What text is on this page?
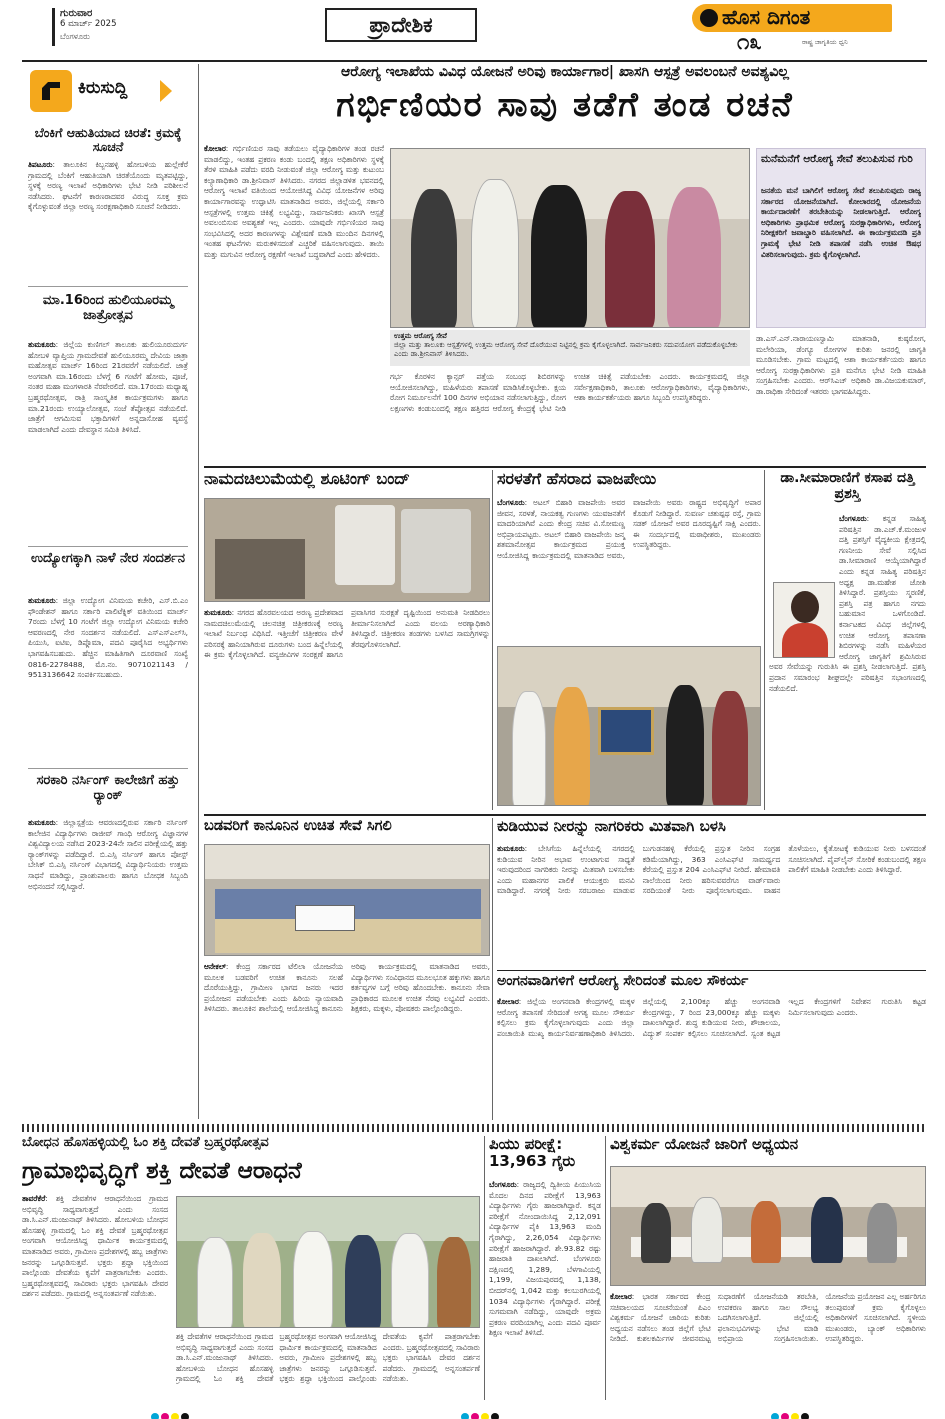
ಗುರುವಾರ
6 ಮಾರ್ಚ್ 2025
ಬೆಂಗಳೂರು	ಪ್ರಾದೇಶಿಕ	ಹೊಸ ದಿಗಂತ
೧೩	ರಾಷ್ಟ್ರ ಜಾಗೃತಿಯ ಧ್ವನಿ
ಕಿರುಸುದ್ದಿ
ಬೆಂಕಿಗೆ ಆಹುತಿಯಾದ ಚಿರತೆ: ಕ್ರಮಕ್ಕೆ ಸೂಚನೆ
ತಿಪಟೂರು: ತಾಲೂಕಿನ ಕಿಬ್ಬನಹಳ್ಳಿ ಹೋಬಳಿಯ ಹುಲ್ಲೇಕೆರೆ ಗ್ರಾಮದಲ್ಲಿ ಬೆಂಕಿಗೆ ಆಹುತಿಯಾಗಿ ಚಿರತೆಯೊಂದು ಮೃತಪಟ್ಟಿದ್ದು, ಸ್ಥಳಕ್ಕೆ ಅರಣ್ಯ ಇಲಾಖೆ ಅಧಿಕಾರಿಗಳು ಭೇಟಿ ನೀಡಿ ಪರಿಶೀಲನೆ ನಡೆಸಿದರು. ಘಟನೆಗೆ ಕಾರಣರಾದವರ ವಿರುದ್ಧ ಸೂಕ್ತ ಕ್ರಮ ಕೈಗೊಳ್ಳುವಂತೆ ಜಿಲ್ಲಾ ಅರಣ್ಯ ಸಂರಕ್ಷಣಾಧಿಕಾರಿ ಸೂಚನೆ ನೀಡಿದರು.
ಮಾ.16ರಿಂದ ಹುಲಿಯೂರಮ್ಮ ಜಾತ್ರೋತ್ಸವ
ತುಮಕೂರು: ಜಿಲ್ಲೆಯ ಕುಣಿಗಲ್ ತಾಲೂಕು ಹುಲಿಯೂರುದುರ್ಗ ಹೋಬಳಿ ವ್ಯಾಪ್ತಿಯ ಗ್ರಾಮದೇವತೆ ಹುಲಿಯೂರಮ್ಮ ದೇವಿಯ ಜಾತ್ರಾ ಮಹೋತ್ಸವ ಮಾರ್ಚ್ 16ರಿಂದ 21ರವರೆಗೆ ನಡೆಯಲಿದೆ. ಜಾತ್ರೆ ಅಂಗವಾಗಿ ಮಾ.16ರಂದು ಬೆಳಗ್ಗೆ 6 ಗಂಟೆಗೆ ಹೋಮ, ಪೂಜೆ, ನಂತರ ಮಹಾ ಮಂಗಳಾರತಿ ನೆರವೇರಲಿದೆ. ಮಾ.17ರಂದು ಮಧ್ಯಾಹ್ನ ಬ್ರಹ್ಮರಥೋತ್ಸವ, ರಾತ್ರಿ ಸಾಂಸ್ಕೃತಿಕ ಕಾರ್ಯಕ್ರಮಗಳು ಹಾಗೂ ಮಾ.21ರಂದು ಉಯ್ಯಾಲೋತ್ಸವ, ಸಂಜೆ ತೆಪ್ಪೋತ್ಸವ ನಡೆಯಲಿದೆ. ಜಾತ್ರೆಗೆ ಆಗಮಿಸುವ ಭಕ್ತಾದಿಗಳಿಗೆ ಅನ್ನದಾಸೋಹ ವ್ಯವಸ್ಥೆ ಮಾಡಲಾಗಿದೆ ಎಂದು ದೇವಸ್ಥಾನ ಸಮಿತಿ ತಿಳಿಸಿದೆ.
ಉದ್ಯೋಗಕ್ಕಾಗಿ ನಾಳೆ ನೇರ ಸಂದರ್ಶನ
ತುಮಕೂರು: ಜಿಲ್ಲಾ ಉದ್ಯೋಗ ವಿನಿಮಯ ಕಚೇರಿ, ಎಸ್.ಬಿ.ಎಂ ಫೌಂಡೇಶನ್ ಹಾಗೂ ಸರ್ಕಾರಿ ಪಾಲಿಟೆಕ್ನಿಕ್ ವತಿಯಿಂದ ಮಾರ್ಚ್ 7ರಂದು ಬೆಳಗ್ಗೆ 10 ಗಂಟೆಗೆ ಜಿಲ್ಲಾ ಉದ್ಯೋಗ ವಿನಿಮಯ ಕಚೇರಿ ಆವರಣದಲ್ಲಿ ನೇರ ಸಂದರ್ಶನ ನಡೆಯಲಿದೆ. ಎಸ್ಎಸ್ಎಲ್‌ಸಿ, ಪಿಯುಸಿ, ಐಟಿಐ, ಡಿಪ್ಲೊಮಾ, ಪದವಿ ಪೂರೈಸಿದ ಅಭ್ಯರ್ಥಿಗಳು ಭಾಗವಹಿಸಬಹುದು. ಹೆಚ್ಚಿನ ಮಾಹಿತಿಗಾಗಿ ದೂರವಾಣಿ ಸಂಖ್ಯೆ 0816-2278488, ಮೊ.ನಂ. 9071021143 / 9513136642 ಸಂಪರ್ಕಿಸಬಹುದು.
ಸರಕಾರಿ ನರ್ಸಿಂಗ್ ಕಾಲೇಜಿಗೆ ಹತ್ತು ರ್‍ಯಾಂಕ್
ತುಮಕೂರು: ಜಿಲ್ಲಾಸ್ಪತ್ರೆಯ ಆವರಣದಲ್ಲಿರುವ ಸರ್ಕಾರಿ ನರ್ಸಿಂಗ್ ಕಾಲೇಜಿನ ವಿದ್ಯಾರ್ಥಿಗಳು ರಾಜೀವ್ ಗಾಂಧಿ ಆರೋಗ್ಯ ವಿಜ್ಞಾನಗಳ ವಿಶ್ವವಿದ್ಯಾಲಯ ನಡೆಸಿದ 2023-24ನೇ ಸಾಲಿನ ಪರೀಕ್ಷೆಯಲ್ಲಿ ಹತ್ತು ರ್‍ಯಾಂಕ್‌ಗಳನ್ನು ಪಡೆದಿದ್ದಾರೆ. ಬಿ.ಎಸ್ಸಿ ನರ್ಸಿಂಗ್ ಹಾಗೂ ಪೋಸ್ಟ್ ಬೇಸಿಕ್ ಬಿ.ಎಸ್ಸಿ ನರ್ಸಿಂಗ್ ವಿಭಾಗದಲ್ಲಿ ವಿದ್ಯಾರ್ಥಿನಿಯರು ಉತ್ತಮ ಸಾಧನೆ ಮಾಡಿದ್ದು, ಪ್ರಾಂಶುಪಾಲರು ಹಾಗೂ ಬೋಧಕ ಸಿಬ್ಬಂದಿ ಅಭಿನಂದನೆ ಸಲ್ಲಿಸಿದ್ದಾರೆ.
ಆರೋಗ್ಯ ಇಲಾಖೆಯ ವಿವಿಧ ಯೋಜನೆ ಅರಿವು ಕಾರ್ಯಾಗಾರ| ಖಾಸಗಿ ಆಸ್ಪತ್ರೆ ಅವಲಂಬನೆ ಅವಶ್ಯವಿಲ್ಲ
ಗರ್ಭಿಣಿಯರ ಸಾವು ತಡೆಗೆ ತಂಡ ರಚನೆ
ಕೋಲಾರ: ಗರ್ಭಿಣಿಯರ ಸಾವು ತಡೆಯಲು ವೈದ್ಯಾಧಿಕಾರಿಗಳ ತಂಡ ರಚನೆ ಮಾಡಲಿದ್ದು, ಇಂತಹ ಪ್ರಕರಣ ಕಂಡು ಬಂದಲ್ಲಿ ತಕ್ಷಣ ಅಧಿಕಾರಿಗಳು ಸ್ಥಳಕ್ಕೆ ತೆರಳಿ ಮಾಹಿತಿ ಪಡೆದು ವರದಿ ನೀಡುವಂತೆ ಜಿಲ್ಲಾ ಆರೋಗ್ಯ ಮತ್ತು ಕುಟುಂಬ ಕಲ್ಯಾಣಾಧಿಕಾರಿ ಡಾ.ಶ್ರೀನಿವಾಸ್ ತಿಳಿಸಿದರು. ನಗರದ ಜಿಲ್ಲಾಡಳಿತ ಭವನದಲ್ಲಿ ಆರೋಗ್ಯ ಇಲಾಖೆ ವತಿಯಿಂದ ಆಯೋಜಿಸಿದ್ದ ವಿವಿಧ ಯೋಜನೆಗಳ ಅರಿವು ಕಾರ್ಯಾಗಾರವನ್ನು ಉದ್ಘಾಟಿಸಿ ಮಾತನಾಡಿದ ಅವರು, ಜಿಲ್ಲೆಯಲ್ಲಿ ಸರ್ಕಾರಿ ಆಸ್ಪತ್ರೆಗಳಲ್ಲಿ ಉತ್ತಮ ಚಿಕಿತ್ಸೆ ಲಭ್ಯವಿದ್ದು, ಸಾರ್ವಜನಿಕರು ಖಾಸಗಿ ಆಸ್ಪತ್ರೆ ಅವಲಂಬಿಸುವ ಅವಶ್ಯಕತೆ ಇಲ್ಲ ಎಂದರು. ಯಾವುದೇ ಗರ್ಭಿಣಿಯರ ಸಾವು ಸಂಭವಿಸಿದಲ್ಲಿ ಅದರ ಕಾರಣಗಳನ್ನು ವಿಶ್ಲೇಷಣೆ ಮಾಡಿ ಮುಂದಿನ ದಿನಗಳಲ್ಲಿ ಇಂತಹ ಘಟನೆಗಳು ಮರುಕಳಿಸದಂತೆ ಎಚ್ಚರಿಕೆ ವಹಿಸಲಾಗುವುದು. ತಾಯಿ ಮತ್ತು ಮಗುವಿನ ಆರೋಗ್ಯ ರಕ್ಷಣೆಗೆ ಇಲಾಖೆ ಬದ್ಧವಾಗಿದೆ ಎಂದು ಹೇಳಿದರು.
ಉತ್ತಮ ಆರೋಗ್ಯ ಸೇವೆ
ಜಿಲ್ಲಾ ಮತ್ತು ತಾಲೂಕು ಆಸ್ಪತ್ರೆಗಳಲ್ಲಿ ಉತ್ತಮ ಆರೋಗ್ಯ ಸೇವೆ ದೊರೆಯುವ ನಿಟ್ಟಿನಲ್ಲಿ ಕ್ರಮ ಕೈಗೊಳ್ಳಲಾಗಿದೆ. ಸಾರ್ವಜನಿಕರು ಸದುಪಯೋಗ ಪಡೆದುಕೊಳ್ಳಬೇಕು ಎಂದು ಡಾ.ಶ್ರೀನಿವಾಸ್ ತಿಳಿಸಿದರು.
ಗರ್ಭ ಕೊರಳಿನ ಕ್ಯಾನ್ಸರ್ ಪತ್ತೆಯ ಸಂಬಂಧ ಶಿಬಿರಗಳನ್ನು ಆಯೋಜಿಸಲಾಗಿದ್ದು, ಮಹಿಳೆಯರು ತಪಾಸಣೆ ಮಾಡಿಸಿಕೊಳ್ಳಬೇಕು. ಕ್ಷಯ ರೋಗ ನಿರ್ಮೂಲನೆಗೆ 100 ದಿನಗಳ ಅಭಿಯಾನ ನಡೆಸಲಾಗುತ್ತಿದ್ದು, ರೋಗ ಲಕ್ಷಣಗಳು ಕಂಡುಬಂದಲ್ಲಿ ತಕ್ಷಣ ಹತ್ತಿರದ ಆರೋಗ್ಯ ಕೇಂದ್ರಕ್ಕೆ ಭೇಟಿ ನೀಡಿ ಉಚಿತ ಚಿಕಿತ್ಸೆ ಪಡೆಯಬೇಕು ಎಂದರು. ಕಾರ್ಯಕ್ರಮದಲ್ಲಿ ಜಿಲ್ಲಾ ಸರ್ವೇಕ್ಷಣಾಧಿಕಾರಿ, ತಾಲೂಕು ಆರೋಗ್ಯಾಧಿಕಾರಿಗಳು, ವೈದ್ಯಾಧಿಕಾರಿಗಳು, ಆಶಾ ಕಾರ್ಯಕರ್ತೆಯರು ಹಾಗೂ ಸಿಬ್ಬಂದಿ ಉಪಸ್ಥಿತರಿದ್ದರು.
ಮನೆಮನೆಗೆ ಆರೋಗ್ಯ ಸೇವೆ ತಲುಪಿಸುವ ಗುರಿ
ಜನತೆಯ ಮನೆ ಬಾಗಿಲಿಗೆ ಆರೋಗ್ಯ ಸೇವೆ ತಲುಪಿಸುವುದು ರಾಜ್ಯ ಸರ್ಕಾರದ ಯೋಜನೆಯಾಗಿದೆ. ಕೋಲಾರದಲ್ಲಿ ಯೋಜನೆಯ ಕಾರ್ಯದಾರಣೆಗೆ ತರಬೇತಿಯನ್ನು ನೀಡಲಾಗುತ್ತಿದೆ. ಆರೋಗ್ಯ ಅಧಿಕಾರಿಗಳು ಪ್ರಾಥಮಿಕ ಆರೋಗ್ಯ ಸುರಕ್ಷಾಧಿಕಾರಿಗಳು, ಆರೋಗ್ಯ ನಿರೀಕ್ಷಕರಿಗೆ ಜವಾಬ್ದಾರಿ ವಹಿಸಲಾಗಿದೆ. ಈ ಕಾರ್ಯಕ್ರಮದಡಿ ಪ್ರತಿ ಗ್ರಾಮಕ್ಕೆ ಭೇಟಿ ನೀಡಿ ತಪಾಸಣೆ ನಡೆಸಿ ಉಚಿತ ಔಷಧ ವಿತರಿಸಲಾಗುವುದು. ಕ್ರಮ ಕೈಗೊಳ್ಳಲಾಗಿದೆ.
ಡಾ.ಎಸ್.ಎನ್.ನಾರಾಯಣಸ್ವಾಮಿ ಮಾತನಾಡಿ, ಕುಷ್ಠರೋಗ, ಮಲೇರಿಯಾ, ಡೆಂಗ್ಯೂ ರೋಗಗಳ ಕುರಿತು ಜನರಲ್ಲಿ ಜಾಗೃತಿ ಮೂಡಿಸಬೇಕು. ಗ್ರಾಮ ಮಟ್ಟದಲ್ಲಿ ಆಶಾ ಕಾರ್ಯಕರ್ತೆಯರು ಹಾಗೂ ಆರೋಗ್ಯ ಸುರಕ್ಷಾಧಿಕಾರಿಗಳು ಪ್ರತಿ ಮನೆಗೂ ಭೇಟಿ ನೀಡಿ ಮಾಹಿತಿ ಸಂಗ್ರಹಿಸಬೇಕು ಎಂದರು. ಆರ್‌ಸಿಎಚ್ ಅಧಿಕಾರಿ ಡಾ.ವಿಜಯಕುಮಾರ್, ಡಾ.ರಾಧಿಕಾ ಸೇರಿದಂತೆ ಇತರರು ಭಾಗವಹಿಸಿದ್ದರು.
ನಾಮದಚಿಲುಮೆಯಲ್ಲಿ ಶೂಟಿಂಗ್ ಬಂದ್
ತುಮಕೂರು: ನಗರದ ಹೊರವಲಯದ ಅರಣ್ಯ ಪ್ರದೇಶವಾದ ನಾಮದಚಿಲುಮೆಯಲ್ಲಿ ಚಲನಚಿತ್ರ ಚಿತ್ರೀಕರಣಕ್ಕೆ ಅರಣ್ಯ ಇಲಾಖೆ ನಿರ್ಬಂಧ ವಿಧಿಸಿದೆ. ಇತ್ತೀಚೆಗೆ ಚಿತ್ರೀಕರಣ ವೇಳೆ ಪರಿಸರಕ್ಕೆ ಹಾನಿಯಾಗಿರುವ ದೂರುಗಳು ಬಂದ ಹಿನ್ನೆಲೆಯಲ್ಲಿ ಈ ಕ್ರಮ ಕೈಗೊಳ್ಳಲಾಗಿದೆ. ವನ್ಯಜೀವಿಗಳ ಸಂರಕ್ಷಣೆ ಹಾಗೂ ಪ್ರವಾಸಿಗರ ಸುರಕ್ಷತೆ ದೃಷ್ಟಿಯಿಂದ ಅನುಮತಿ ನೀಡದಿರಲು ತೀರ್ಮಾನಿಸಲಾಗಿದೆ ಎಂದು ವಲಯ ಅರಣ್ಯಾಧಿಕಾರಿ ತಿಳಿಸಿದ್ದಾರೆ. ಚಿತ್ರೀಕರಣ ತಂಡಗಳು ಬಳಸಿದ ಸಾಮಗ್ರಿಗಳನ್ನು ತೆರವುಗೊಳಿಸಲಾಗಿದೆ.
ಸರಳತೆಗೆ ಹೆಸರಾದ ವಾಜಪೇಯಿ
ಬೆಂಗಳೂರು: ಅಟಲ್ ಬಿಹಾರಿ ವಾಜಪೇಯಿ ಅವರ ಜೀವನ, ಸರಳತೆ, ನಾಯಕತ್ವ ಗುಣಗಳು ಯುವಜನತೆಗೆ ಮಾದರಿಯಾಗಿವೆ ಎಂದು ಕೇಂದ್ರ ಸಚಿವ ವಿ.ಸೋಮಣ್ಣ ಅಭಿಪ್ರಾಯಪಟ್ಟರು. ಅಟಲ್ ಬಿಹಾರಿ ವಾಜಪೇಯಿ ಜನ್ಮ ಶತಮಾನೋತ್ಸವ ಕಾರ್ಯಕ್ರಮದ ಪ್ರಯುಕ್ತ ಆಯೋಜಿಸಿದ್ದ ಕಾರ್ಯಕ್ರಮದಲ್ಲಿ ಮಾತನಾಡಿದ ಅವರು, ವಾಜಪೇಯಿ ಅವರು ರಾಷ್ಟ್ರದ ಅಭಿವೃದ್ಧಿಗೆ ಅಪಾರ ಕೊಡುಗೆ ನೀಡಿದ್ದಾರೆ. ಸುವರ್ಣ ಚತುಷ್ಪಥ ರಸ್ತೆ, ಗ್ರಾಮ ಸಡಕ್ ಯೋಜನೆ ಅವರ ದೂರದೃಷ್ಟಿಗೆ ಸಾಕ್ಷಿ ಎಂದರು. ಈ ಸಂದರ್ಭದಲ್ಲಿ ಮಠಾಧೀಶರು, ಮುಖಂಡರು ಉಪಸ್ಥಿತರಿದ್ದರು.
ಡಾ.ಸೀಮಾರಾಣಿಗೆ ಕಸಾಪ ದತ್ತಿ ಪ್ರಶಸ್ತಿ
ಬೆಂಗಳೂರು: ಕನ್ನಡ ಸಾಹಿತ್ಯ ಪರಿಷತ್ತಿನ ಡಾ.ಎಚ್.ಕೆ.ಮಂಜುಳ ದತ್ತಿ ಪ್ರಶಸ್ತಿಗೆ ವೈದ್ಯಕೀಯ ಕ್ಷೇತ್ರದಲ್ಲಿ ಗಣನೀಯ ಸೇವೆ ಸಲ್ಲಿಸಿದ ಡಾ.ಸೀಮಾರಾಣಿ ಆಯ್ಕೆಯಾಗಿದ್ದಾರೆ ಎಂದು ಕನ್ನಡ ಸಾಹಿತ್ಯ ಪರಿಷತ್ತಿನ ಅಧ್ಯಕ್ಷ ಡಾ.ಮಹೇಶ ಜೋಶಿ ತಿಳಿಸಿದ್ದಾರೆ. ಪ್ರಶಸ್ತಿಯು ಸ್ಮರಣಿಕೆ, ಪ್ರಶಸ್ತಿ ಪತ್ರ ಹಾಗೂ ನಗದು ಬಹುಮಾನ ಒಳಗೊಂಡಿದೆ. ಕರ್ನಾಟಕದ ವಿವಿಧ ಜಿಲ್ಲೆಗಳಲ್ಲಿ ಉಚಿತ ಆರೋಗ್ಯ ತಪಾಸಣಾ ಶಿಬಿರಗಳನ್ನು ನಡೆಸಿ ಮಹಿಳೆಯರ ಆರೋಗ್ಯ ಜಾಗೃತಿಗೆ ಶ್ರಮಿಸಿರುವ ಅವರ ಸೇವೆಯನ್ನು ಗುರುತಿಸಿ ಈ ಪ್ರಶಸ್ತಿ ನೀಡಲಾಗುತ್ತಿದೆ. ಪ್ರಶಸ್ತಿ ಪ್ರದಾನ ಸಮಾರಂಭ ಶೀಘ್ರದಲ್ಲೇ ಪರಿಷತ್ತಿನ ಸಭಾಂಗಣದಲ್ಲಿ ನಡೆಯಲಿದೆ.
ಬಡವರಿಗೆ ಕಾನೂನಿನ ಉಚಿತ ಸೇವೆ ಸಿಗಲಿ
ಆನೇಕಲ್: ಕೇಂದ್ರ ಸರ್ಕಾರದ ಟೆಲಿಲಾ ಯೋಜನೆಯ ಮೂಲಕ ಬಡವರಿಗೆ ಉಚಿತ ಕಾನೂನು ಸಲಹೆ ದೊರೆಯುತ್ತಿದ್ದು, ಗ್ರಾಮೀಣ ಭಾಗದ ಜನರು ಇದರ ಪ್ರಯೋಜನ ಪಡೆಯಬೇಕು ಎಂದು ಹಿರಿಯ ನ್ಯಾಯವಾದಿ ತಿಳಿಸಿದರು. ತಾಲೂಕಿನ ಶಾಲೆಯಲ್ಲಿ ಆಯೋಜಿಸಿದ್ದ ಕಾನೂನು ಅರಿವು ಕಾರ್ಯಕ್ರಮದಲ್ಲಿ ಮಾತನಾಡಿದ ಅವರು, ವಿದ್ಯಾರ್ಥಿಗಳು ಸಂವಿಧಾನದ ಮೂಲಭೂತ ಹಕ್ಕುಗಳು ಹಾಗೂ ಕರ್ತವ್ಯಗಳ ಬಗ್ಗೆ ಅರಿವು ಹೊಂದಬೇಕು. ಕಾನೂನು ಸೇವಾ ಪ್ರಾಧಿಕಾರದ ಮೂಲಕ ಉಚಿತ ನೆರವು ಲಭ್ಯವಿದೆ ಎಂದರು. ಶಿಕ್ಷಕರು, ಮಕ್ಕಳು, ಪೋಷಕರು ಪಾಲ್ಗೊಂಡಿದ್ದರು.
ಕುಡಿಯುವ ನೀರನ್ನು ನಾಗರಿಕರು ಮಿತವಾಗಿ ಬಳಸಿ
ತುಮಕೂರು: ಬೇಸಿಗೆಯ ಹಿನ್ನೆಲೆಯಲ್ಲಿ ನಗರದಲ್ಲಿ ಕುಡಿಯುವ ನೀರಿನ ಅಭಾವ ಉಂಟಾಗುವ ಸಾಧ್ಯತೆ ಇರುವುದರಿಂದ ನಾಗರಿಕರು ನೀರನ್ನು ಮಿತವಾಗಿ ಬಳಸಬೇಕು ಎಂದು ಮಹಾನಗರ ಪಾಲಿಕೆ ಆಯುಕ್ತರು ಮನವಿ ಮಾಡಿದ್ದಾರೆ. ನಗರಕ್ಕೆ ನೀರು ಸರಬರಾಜು ಮಾಡುವ ಬುಗುಡನಹಳ್ಳಿ ಕೆರೆಯಲ್ಲಿ ಪ್ರಸ್ತುತ ನೀರಿನ ಸಂಗ್ರಹ ಕಡಿಮೆಯಾಗಿದ್ದು, 363 ಎಂಸಿಎಫ್‌ಟಿ ಸಾಮರ್ಥ್ಯದ ಕೆರೆಯಲ್ಲಿ ಪ್ರಸ್ತುತ 204 ಎಂಸಿಎಫ್‌ಟಿ ನೀರಿದೆ. ಹೇಮಾವತಿ ನಾಲೆಯಿಂದ ನೀರು ಹರಿಸುವವರೆಗೂ ವಾರ್ಡ್‌ವಾರು ಸರದಿಯಂತೆ ನೀರು ಪೂರೈಸಲಾಗುವುದು. ವಾಹನ ತೊಳೆಯಲು, ಕೈತೋಟಕ್ಕೆ ಕುಡಿಯುವ ನೀರು ಬಳಸದಂತೆ ಸೂಚಿಸಲಾಗಿದೆ. ಪೈಪ್‌ಲೈನ್ ಸೋರಿಕೆ ಕಂಡುಬಂದಲ್ಲಿ ತಕ್ಷಣ ಪಾಲಿಕೆಗೆ ಮಾಹಿತಿ ನೀಡಬೇಕು ಎಂದು ತಿಳಿಸಿದ್ದಾರೆ.
ಅಂಗನವಾಡಿಗಳಿಗೆ ಆರೋಗ್ಯ ಸೇರಿದಂತೆ ಮೂಲ ಸೌಕರ್ಯ
ಕೋಲಾರ: ಜಿಲ್ಲೆಯ ಅಂಗನವಾಡಿ ಕೇಂದ್ರಗಳಲ್ಲಿ ಮಕ್ಕಳ ಆರೋಗ್ಯ ತಪಾಸಣೆ ಸೇರಿದಂತೆ ಅಗತ್ಯ ಮೂಲ ಸೌಕರ್ಯ ಕಲ್ಪಿಸಲು ಕ್ರಮ ಕೈಗೊಳ್ಳಲಾಗುವುದು ಎಂದು ಜಿಲ್ಲಾ ಪಂಚಾಯಿತಿ ಮುಖ್ಯ ಕಾರ್ಯನಿರ್ವಹಣಾಧಿಕಾರಿ ತಿಳಿಸಿದರು. ಜಿಲ್ಲೆಯಲ್ಲಿ 2,100ಕ್ಕೂ ಹೆಚ್ಚು ಅಂಗನವಾಡಿ ಕೇಂದ್ರಗಳಿದ್ದು, 7 ರಿಂದ 23,000ಕ್ಕೂ ಹೆಚ್ಚು ಮಕ್ಕಳು ದಾಖಲಾಗಿದ್ದಾರೆ. ಶುದ್ಧ ಕುಡಿಯುವ ನೀರು, ಶೌಚಾಲಯ, ವಿದ್ಯುತ್ ಸಂಪರ್ಕ ಕಲ್ಪಿಸಲು ಸೂಚಿಸಲಾಗಿದೆ. ಸ್ವಂತ ಕಟ್ಟಡ ಇಲ್ಲದ ಕೇಂದ್ರಗಳಿಗೆ ನಿವೇಶನ ಗುರುತಿಸಿ ಕಟ್ಟಡ ನಿರ್ಮಿಸಲಾಗುವುದು ಎಂದರು.
ಬೋಧನ ಹೊಸಹಳ್ಳಿಯಲ್ಲಿ ಓಂ ಶಕ್ತಿ ದೇವತೆ ಬ್ರಹ್ಮರಥೋತ್ಸವ
ಗ್ರಾಮಾಭಿವೃದ್ಧಿಗೆ ಶಕ್ತಿ ದೇವತೆ ಆರಾಧನೆ
ತಾವರೆಕೆರೆ: ಶಕ್ತಿ ದೇವತೆಗಳ ಆರಾಧನೆಯಿಂದ ಗ್ರಾಮದ ಅಭಿವೃದ್ಧಿ ಸಾಧ್ಯವಾಗುತ್ತದೆ ಎಂದು ಸಂಸದ ಡಾ.ಸಿ.ಎನ್.ಮಂಜುನಾಥ್ ತಿಳಿಸಿದರು. ಹೋಬಳಿಯ ಬೋಧನ ಹೊಸಹಳ್ಳಿ ಗ್ರಾಮದಲ್ಲಿ ಓಂ ಶಕ್ತಿ ದೇವತೆ ಬ್ರಹ್ಮರಥೋತ್ಸವ ಅಂಗವಾಗಿ ಆಯೋಜಿಸಿದ್ದ ಧಾರ್ಮಿಕ ಕಾರ್ಯಕ್ರಮದಲ್ಲಿ ಮಾತನಾಡಿದ ಅವರು, ಗ್ರಾಮೀಣ ಪ್ರದೇಶಗಳಲ್ಲಿ ಹಬ್ಬ ಜಾತ್ರೆಗಳು ಜನರನ್ನು ಒಗ್ಗೂಡಿಸುತ್ತವೆ. ಭಕ್ತರು ಶ್ರದ್ಧಾ ಭಕ್ತಿಯಿಂದ ಪಾಲ್ಗೊಂಡು ದೇವತೆಯ ಕೃಪೆಗೆ ಪಾತ್ರರಾಗಬೇಕು ಎಂದರು. ಬ್ರಹ್ಮರಥೋತ್ಸವದಲ್ಲಿ ಸಾವಿರಾರು ಭಕ್ತರು ಭಾಗವಹಿಸಿ ದೇವರ ದರ್ಶನ ಪಡೆದರು. ಗ್ರಾಮದಲ್ಲಿ ಅನ್ನಸಂತರ್ಪಣೆ ನಡೆಯಿತು.
ಶಕ್ತಿ ದೇವತೆಗಳ ಆರಾಧನೆಯಿಂದ ಗ್ರಾಮದ ಅಭಿವೃದ್ಧಿ ಸಾಧ್ಯವಾಗುತ್ತದೆ ಎಂದು ಸಂಸದ ಡಾ.ಸಿ.ಎನ್.ಮಂಜುನಾಥ್ ತಿಳಿಸಿದರು. ಹೋಬಳಿಯ ಬೋಧನ ಹೊಸಹಳ್ಳಿ ಗ್ರಾಮದಲ್ಲಿ ಓಂ ಶಕ್ತಿ ದೇವತೆ ಬ್ರಹ್ಮರಥೋತ್ಸವ ಅಂಗವಾಗಿ ಆಯೋಜಿಸಿದ್ದ ಧಾರ್ಮಿಕ ಕಾರ್ಯಕ್ರಮದಲ್ಲಿ ಮಾತನಾಡಿದ ಅವರು, ಗ್ರಾಮೀಣ ಪ್ರದೇಶಗಳಲ್ಲಿ ಹಬ್ಬ ಜಾತ್ರೆಗಳು ಜನರನ್ನು ಒಗ್ಗೂಡಿಸುತ್ತವೆ. ಭಕ್ತರು ಶ್ರದ್ಧಾ ಭಕ್ತಿಯಿಂದ ಪಾಲ್ಗೊಂಡು ದೇವತೆಯ ಕೃಪೆಗೆ ಪಾತ್ರರಾಗಬೇಕು ಎಂದರು. ಬ್ರಹ್ಮರಥೋತ್ಸವದಲ್ಲಿ ಸಾವಿರಾರು ಭಕ್ತರು ಭಾಗವಹಿಸಿ ದೇವರ ದರ್ಶನ ಪಡೆದರು. ಗ್ರಾಮದಲ್ಲಿ ಅನ್ನಸಂತರ್ಪಣೆ ನಡೆಯಿತು.
ಪಿಯು ಪರೀಕ್ಷೆ: 13,963 ಗೈರು
ಬೆಂಗಳೂರು: ರಾಜ್ಯದಲ್ಲಿ ದ್ವಿತೀಯ ಪಿಯುಸಿಯ ಮೊದಲ ದಿನದ ಪರೀಕ್ಷೆಗೆ 13,963 ವಿದ್ಯಾರ್ಥಿಗಳು ಗೈರು ಹಾಜರಾಗಿದ್ದಾರೆ. ಕನ್ನಡ ಪರೀಕ್ಷೆಗೆ ನೋಂದಾಯಿಸಿದ್ದ 2,12,091 ವಿದ್ಯಾರ್ಥಿಗಳ ಪೈಕಿ 13,963 ಮಂದಿ ಗೈರಾಗಿದ್ದು, 2,26,054 ವಿದ್ಯಾರ್ಥಿಗಳು ಪರೀಕ್ಷೆಗೆ ಹಾಜರಾಗಿದ್ದಾರೆ. ಶೇ.93.82 ರಷ್ಟು ಹಾಜರಾತಿ ದಾಖಲಾಗಿದೆ. ಬೆಂಗಳೂರು ದಕ್ಷಿಣದಲ್ಲಿ 1,289, ಬೆಳಗಾವಿಯಲ್ಲಿ 1,199, ವಿಜಯಪುರದಲ್ಲಿ 1,138, ಬೀದರ್‌ನಲ್ಲಿ 1,042 ಮತ್ತು ಕಲಬುರಗಿಯಲ್ಲಿ 1034 ವಿದ್ಯಾರ್ಥಿಗಳು ಗೈರಾಗಿದ್ದಾರೆ. ಪರೀಕ್ಷೆ ಸುಗಮವಾಗಿ ನಡೆದಿದ್ದು, ಯಾವುದೇ ಅಕ್ರಮ ಪ್ರಕರಣ ವರದಿಯಾಗಿಲ್ಲ ಎಂದು ಪದವಿ ಪೂರ್ವ ಶಿಕ್ಷಣ ಇಲಾಖೆ ತಿಳಿಸಿದೆ.
ವಿಶ್ವಕರ್ಮ ಯೋಜನೆ ಜಾರಿಗೆ ಅಧ್ಯಯನ
ಕೋಲಾರ: ಭಾರತ ಸರ್ಕಾರದ ಕೇಂದ್ರ ಸಚಿವಾಲಯದ ಸೂಚನೆಯಂತೆ ಪಿಎಂ ವಿಶ್ವಕರ್ಮ ಯೋಜನೆ ಜಾರಿಯ ಕುರಿತು ಅಧ್ಯಯನ ನಡೆಸಲು ತಂಡ ಜಿಲ್ಲೆಗೆ ಭೇಟಿ ನೀಡಿದೆ. ಕುಶಲಕರ್ಮಿಗಳ ಜೀವನಮಟ್ಟ ಸುಧಾರಣೆಗೆ ಯೋಜನೆಯಡಿ ತರಬೇತಿ, ಉಪಕರಣ ಹಾಗೂ ಸಾಲ ಸೌಲಭ್ಯ ಒದಗಿಸಲಾಗುತ್ತಿದೆ. ಜಿಲ್ಲೆಯಲ್ಲಿ ಫಲಾನುಭವಿಗಳನ್ನು ಭೇಟಿ ಮಾಡಿ ಅಭಿಪ್ರಾಯ ಸಂಗ್ರಹಿಸಲಾಯಿತು. ಯೋಜನೆಯ ಪ್ರಯೋಜನ ಎಲ್ಲ ಅರ್ಹರಿಗೂ ತಲುಪುವಂತೆ ಕ್ರಮ ಕೈಗೊಳ್ಳಲು ಅಧಿಕಾರಿಗಳಿಗೆ ಸೂಚಿಸಲಾಗಿದೆ. ಸ್ಥಳೀಯ ಮುಖಂಡರು, ಬ್ಯಾಂಕ್ ಅಧಿಕಾರಿಗಳು ಉಪಸ್ಥಿತರಿದ್ದರು.
